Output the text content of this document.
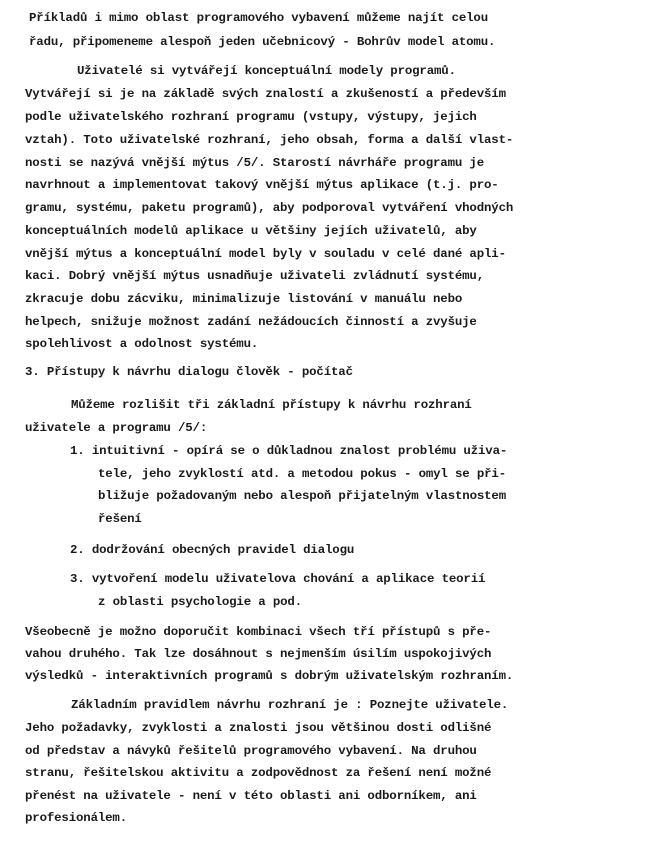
Příkladů i mimo oblast programového vybavení můžeme najít celou
řadu, připomeneme alespoň jeden učebnicový - Bohrův model atomu.
Uživatelé si vytvářejí konceptuální modely programů.
Vytvářejí si je na základě svých znalostí a zkušeností a především
podle uživatelského rozhraní programu (vstupy, výstupy, jejich
vztah). Toto uživatelské rozhraní, jeho obsah, forma a další vlast-
nosti se nazývá vnější mýtus /5/. Starostí návrháře programu je
navrhnout a implementovat takový vnější mýtus aplikace (t.j. pro-
gramu, systému, paketu programů), aby podporoval vytváření vhodných
konceptuálních modelů aplikace u většiny jejích uživatelů, aby
vnější mýtus a konceptuální model byly v souladu v celé dané apli-
kaci. Dobrý vnější mýtus usnadňuje uživateli zvládnutí systému,
zkracuje dobu zácviku, minimalizuje listování v manuálu nebo
helpech, snižuje možnost zadání nežádoucích činností a zvyšuje
spolehlivost a odolnost systému.
3. Přístupy k návrhu dialogu člověk - počítač
Můžeme rozlišit tři základní přístupy k návrhu rozhraní
uživatele a programu /5/:
1. intuitivní - opírá se o důkladnou znalost problému uživa-
tele, jeho zvyklostí atd. a metodou pokus - omyl se při-
bližuje požadovaným nebo alespoň přijatelným vlastnostem
řešení
2. dodržování obecných pravidel dialogu
3. vytvoření modelu uživatelova chování a aplikace teorií
z oblasti psychologie a pod.
Všeobecně je možno doporučit kombinaci všech tří přístupů s pře-
vahou druhého. Tak lze dosáhnout s nejmenším úsilím uspokojivých
výsledků - interaktivních programů s dobrým uživatelským rozhraním.
Základním pravidlem návrhu rozhraní je : Poznejte uživatele.
Jeho požadavky, zvyklosti a znalosti jsou většinou dosti odlišné
od představ a návyků řešitelů programového vybavení. Na druhou
stranu, řešitelskou aktivitu a zodpovědnost za řešení není možné
přenést na uživatele - není v této oblasti ani odborníkem, ani
profesionálem.
